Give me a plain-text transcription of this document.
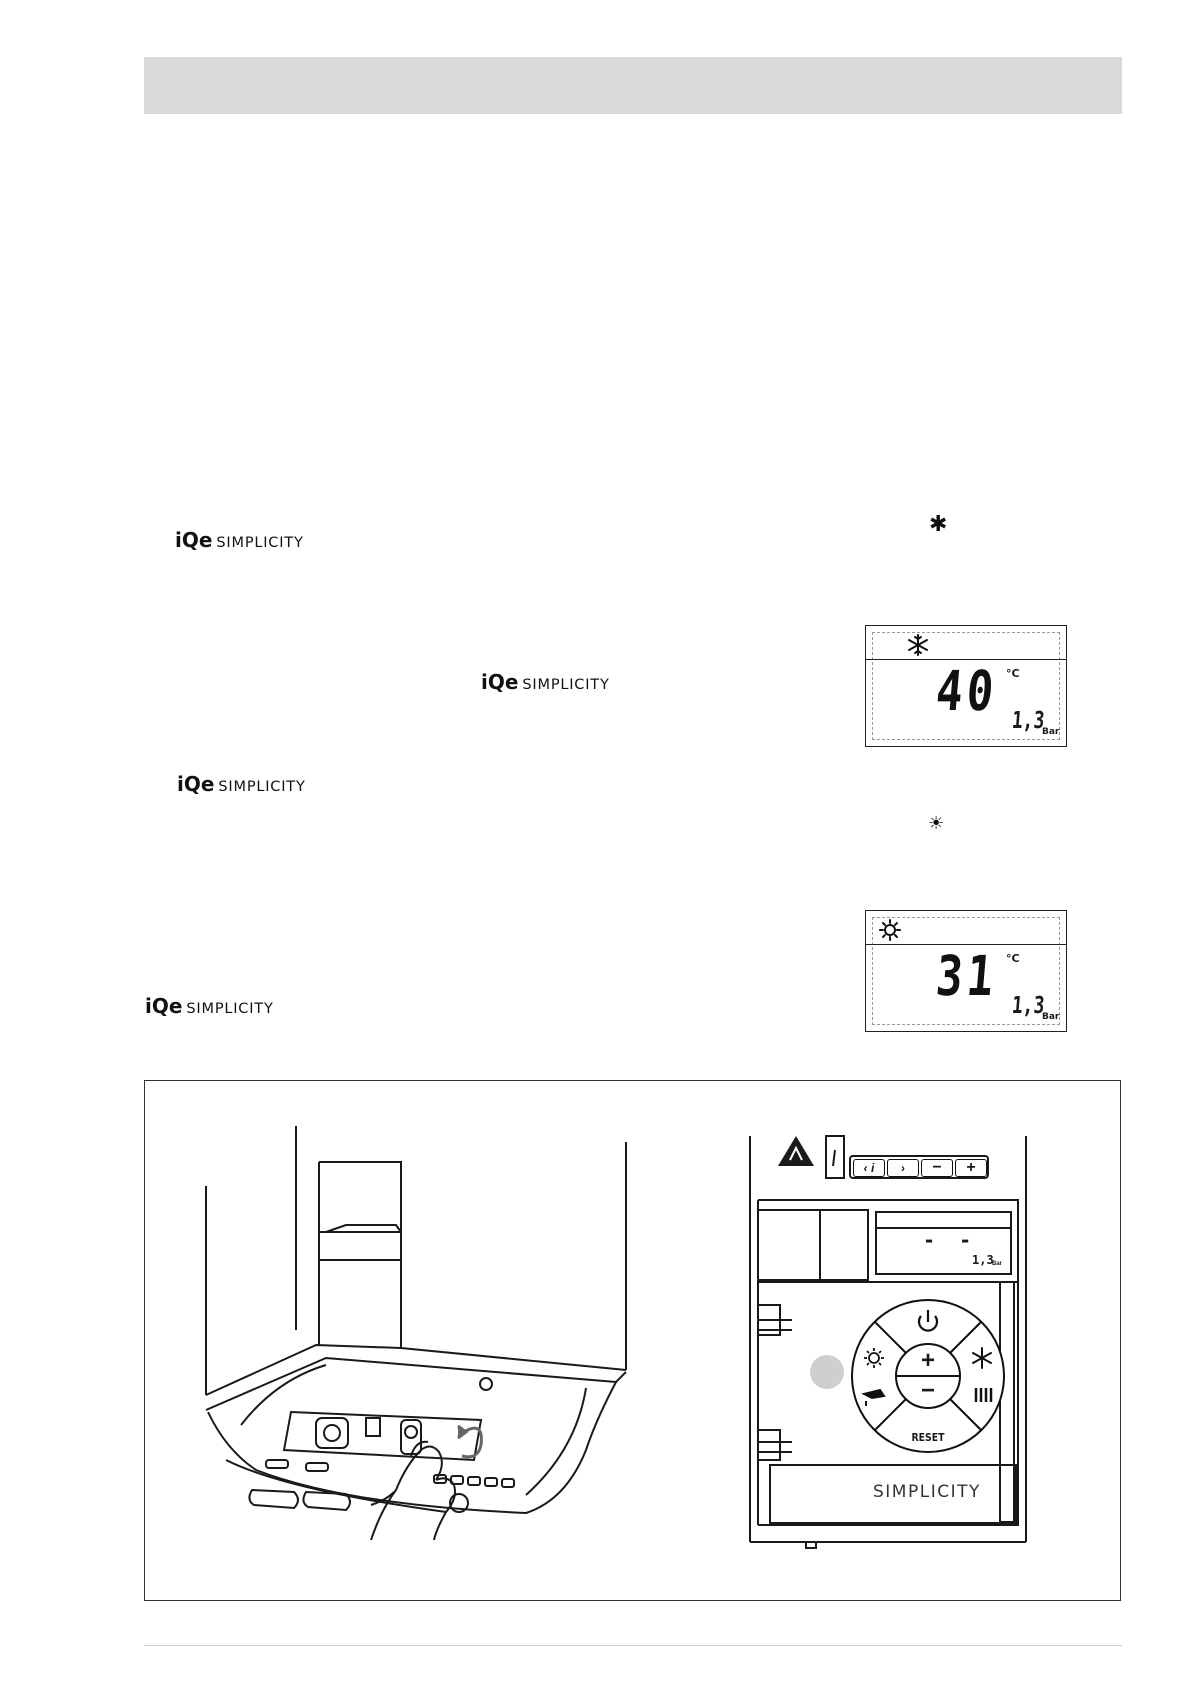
iQe SIMPLICITY
iQe SIMPLICITY
iQe SIMPLICITY
iQe SIMPLICITY
✱
☀
40 °C
1,3
Bar
31 °C
1,3
Bar
‹ i	›	−	+
- -
1,3
Bar
+
−
RESET
SIMPLICITY
